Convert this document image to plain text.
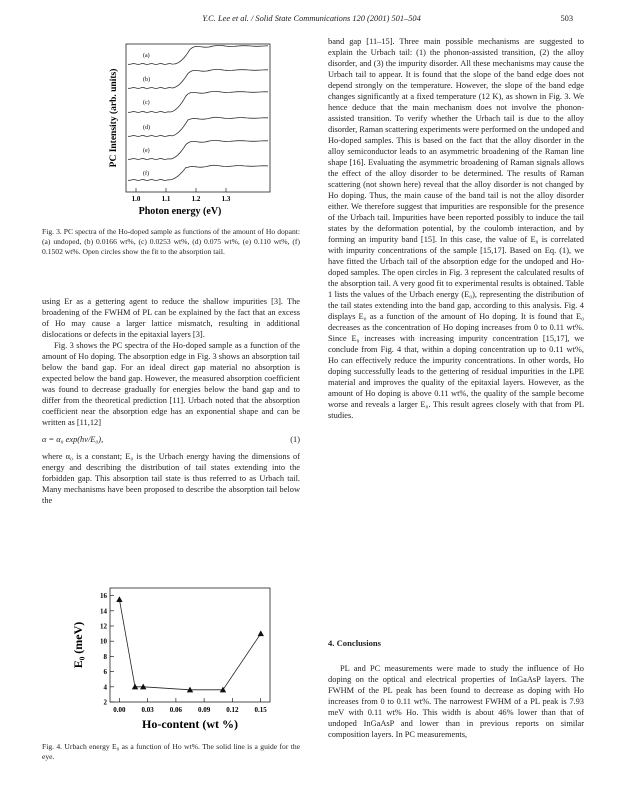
Y.C. Lee et al. / Solid State Communications 120 (2001) 501–504	503
(a)
(b)
(c)
(d)
(e)
(f)
1.0	1.1	1.2	1.3
Photon energy (eV)
PC Intensity (arb. units)
Fig. 3. PC spectra of the Ho-doped sample as functions of the amount of Ho dopant: (a) undoped, (b) 0.0166 wt%, (c) 0.0253 wt%, (d) 0.075 wt%, (e) 0.110 wt%, (f) 0.1502 wt%. Open circles show the fit to the absorption tail.

using Er as a gettering agent to reduce the shallow impurities [3]. The broadening of the FWHM of PL can be explained by the fact that an excess of Ho may cause a larger lattice mismatch, resulting in additional dislocations or defects in the epitaxial layers [3].

Fig. 3 shows the PC spectra of the Ho-doped sample as a function of the amount of Ho doping. The absorption edge in Fig. 3 shows an absorption tail below the band gap. For an ideal direct gap material no absorption is expected below the band gap. However, the measured absorption coefficient was found to decrease gradually for energies below the band gap and to differ from the theoretical prediction [11]. Urbach noted that the absorption coefficient near the absorption edge has an exponential shape and can be written as [11,12]

α = α₀ exp(hν/E₀),	(1)

where α₀ is a constant; E₀ is the Urbach energy having the dimensions of energy and describing the distribution of tail states extending into the forbidden gap. This absorption tail state is thus referred to as Urbach tail. Many mechanisms have been proposed to describe the absorption tail below the

2
4
6
8
10
12
14
16
0.00 0.03 0.06 0.09 0.12 0.15
Ho-content (wt %)
E₀ (meV)
Fig. 4. Urbach energy E₀ as a function of Ho wt%. The solid line is a guide for the eye.

band gap [11–15]. Three main possible mechanisms are suggested to explain the Urbach tail: (1) the phonon-assisted transition, (2) the alloy disorder, and (3) the impurity disorder. All these mechanisms may cause the Urbach tail to appear. It is found that the slope of the band edge does not depend strongly on the temperature. However, the slope of the band edge changes significantly at a fixed temperature (12 K), as shown in Fig. 3. We hence deduce that the main mechanism does not involve the phonon-assisted transition. To verify whether the Urbach tail is due to the alloy disorder, Raman scattering experiments were performed on the undoped and Ho-doped samples. This is based on the fact that the alloy disorder in the alloy semiconductor leads to an asymmetric broadening of the Raman line shape [16]. Evaluating the asymmetric broadening of Raman signals allows the effect of the alloy disorder to be determined. The results of Raman scattering (not shown here) reveal that the alloy disorder is not changed by Ho doping. Thus, the main cause of the band tail is not the alloy disorder either. We therefore suggest that impurities are responsible for the presence of the Urbach tail. Impurities have been reported possibly to induce the tail states by the deformation potential, by the coulomb interaction, and by forming an impurity band [15]. In this case, the value of E₀ is correlated with impurity concentrations of the sample [15,17]. Based on Eq. (1), we have fitted the Urbach tail of the absorption edge for the undoped and Ho-doped samples. The open circles in Fig. 3 represent the calculated results of the absorption tail. A very good fit to experimental results is obtained. Table 1 lists the values of the Urbach energy (E₀), representing the distribution of the tail states extending into the band gap, according to this analysis. Fig. 4 displays E₀ as a function of the amount of Ho doping. It is found that E₀ decreases as the concentration of Ho doping increases from 0 to 0.11 wt%. Since E₀ increases with increasing impurity concentration [15,17], we conclude from Fig. 4 that, within a doping concentration up to 0.11 wt%, Ho can effectively reduce the impurity concentrations. In other words, Ho doping successfully leads to the gettering of residual impurities in the LPE material and improves the quality of the epitaxial layers. However, as the amount of Ho doping is above 0.11 wt%, the quality of the sample become worse and reveals a larger E₀. This result agrees closely with that from PL studies.

4. Conclusions

PL and PC measurements were made to study the influence of Ho doping on the optical and electrical properties of InGaAsP layers. The FWHM of the PL peak has been found to decrease as doping with Ho increases from 0 to 0.11 wt%. The narrowest FWHM of a PL peak is 7.93 meV with 0.11 wt% Ho. This width is about 46% lower than that of undoped InGaAsP and lower than in previous reports on similar composition layers. In PC measurements,
